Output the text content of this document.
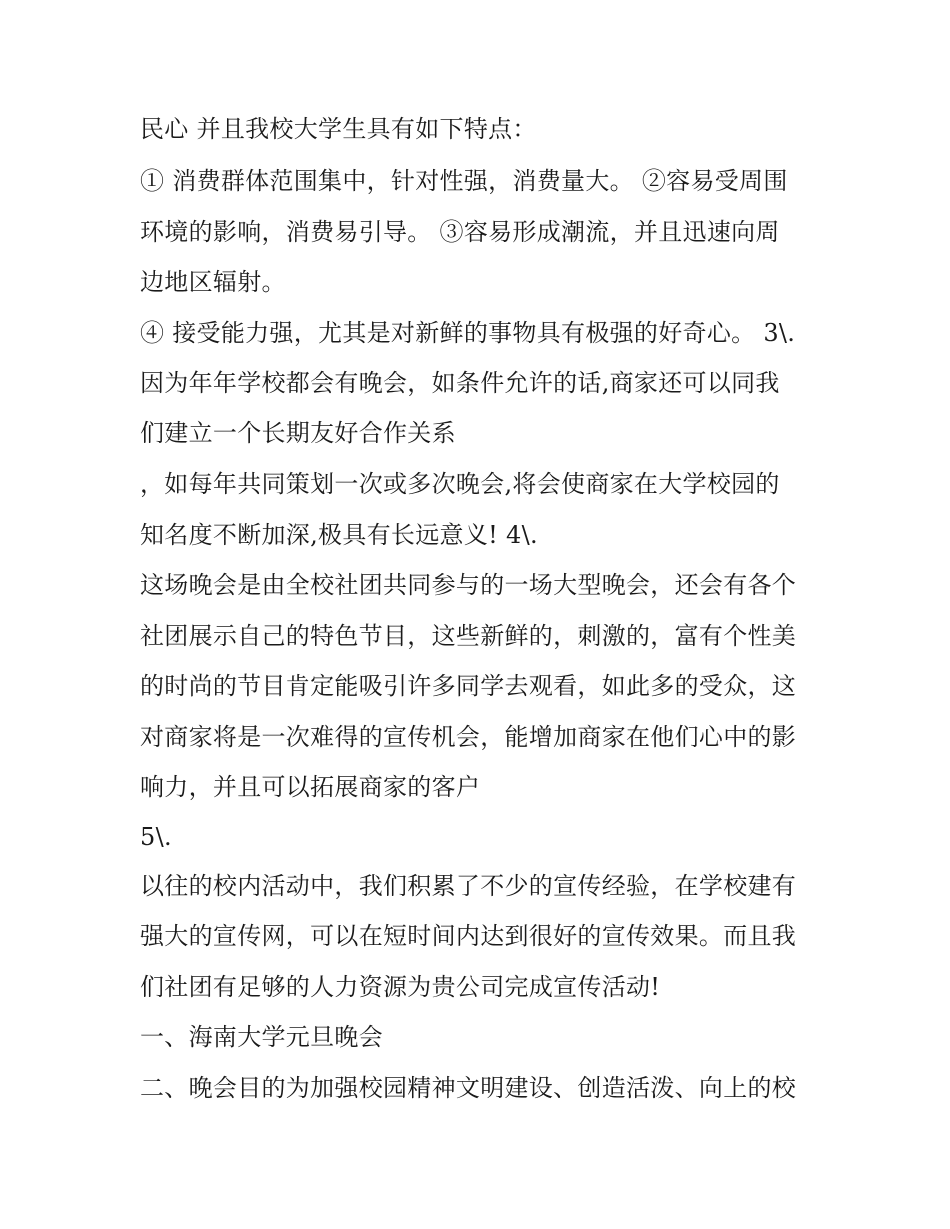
民心 并且我校大学生具有如下特点：
① 消费群体范围集中，针对性强，消费量大。 ②容易受周围
环境的影响，消费易引导。 ③容易形成潮流，并且迅速向周
边地区辐射。
④ 接受能力强，尤其是对新鲜的事物具有极强的好奇心。 3\.
因为年年学校都会有晚会，如条件允许的话,商家还可以同我
们建立一个长期友好合作关系
，如每年共同策划一次或多次晚会,将会使商家在大学校园的
知名度不断加深,极具有长远意义! 4\.
这场晚会是由全校社团共同参与的一场大型晚会，还会有各个
社团展示自己的特色节目，这些新鲜的，刺激的，富有个性美
的时尚的节目肯定能吸引许多同学去观看，如此多的受众，这
对商家将是一次难得的宣传机会，能增加商家在他们心中的影
响力，并且可以拓展商家的客户
5\.
以往的校内活动中，我们积累了不少的宣传经验，在学校建有
强大的宣传网，可以在短时间内达到很好的宣传效果。而且我
们社团有足够的人力资源为贵公司完成宣传活动!
一、海南大学元旦晚会
二、晚会目的为加强校园精神文明建设、创造活泼、向上的校
